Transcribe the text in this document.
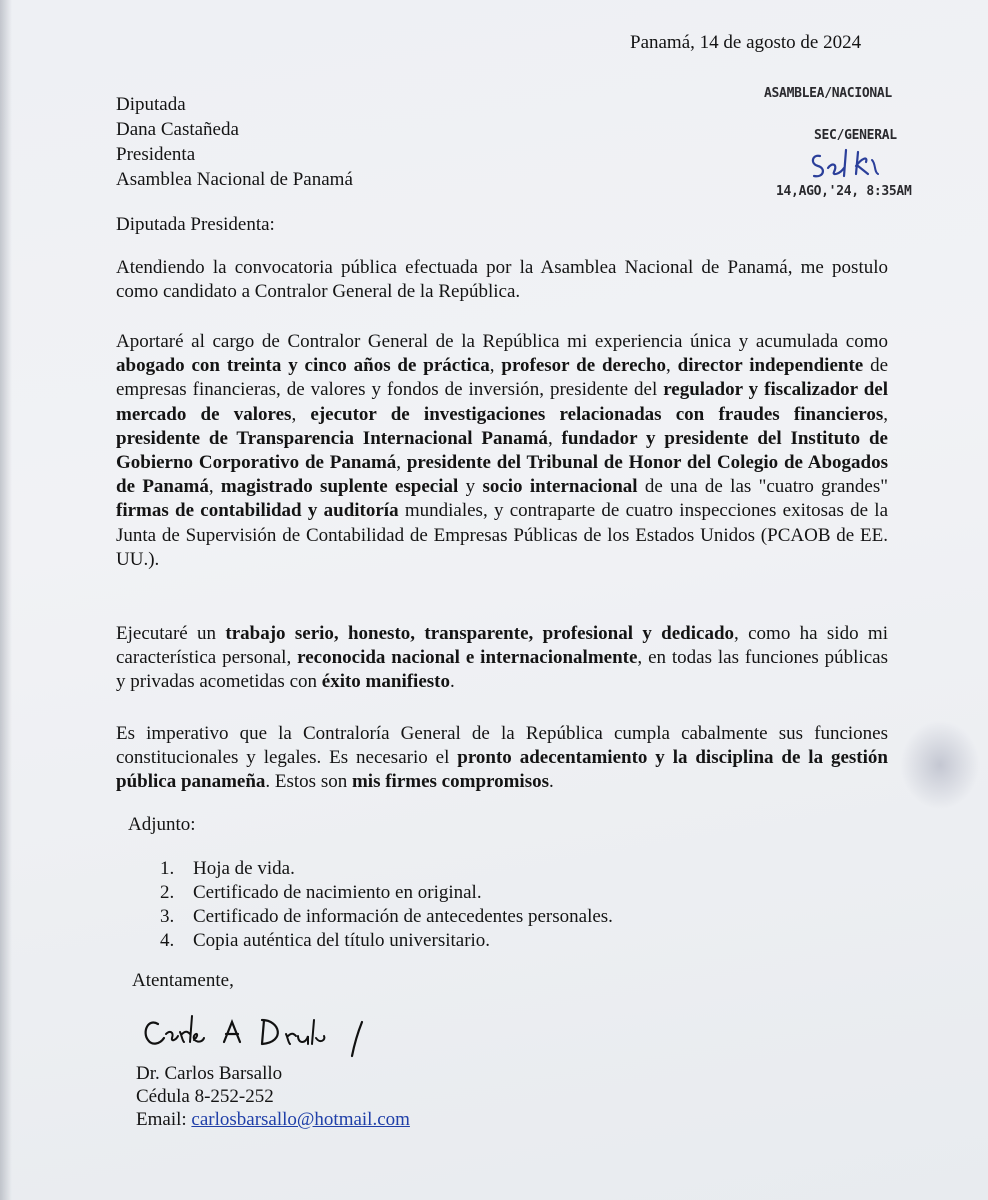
Panamá, 14 de agosto de 2024
Diputada
Dana Castañeda
Presidenta
Asamblea Nacional de Panamá
ASAMBLEA/NACIONAL
SEC/GENERAL
14,AGO,'24, 8:35AM
Diputada Presidenta:
Atendiendo la convocatoria pública efectuada por la Asamblea Nacional de Panamá, me postulo como candidato a Contralor General de la República.
Aportaré al cargo de Contralor General de la República mi experiencia única y acumulada como abogado con treinta y cinco años de práctica, profesor de derecho, director independiente de empresas financieras, de valores y fondos de inversión, presidente del regulador y fiscalizador del mercado de valores, ejecutor de investigaciones relacionadas con fraudes financieros, presidente de Transparencia Internacional Panamá, fundador y presidente del Instituto de Gobierno Corporativo de Panamá, presidente del Tribunal de Honor del Colegio de Abogados de Panamá, magistrado suplente especial y socio internacional de una de las "cuatro grandes" firmas de contabilidad y auditoría mundiales, y contraparte de cuatro inspecciones exitosas de la Junta de Supervisión de Contabilidad de Empresas Públicas de los Estados Unidos (PCAOB de EE. UU.).
Ejecutaré un trabajo serio, honesto, transparente, profesional y dedicado, como ha sido mi característica personal, reconocida nacional e internacionalmente, en todas las funciones públicas y privadas acometidas con éxito manifiesto.
Es imperativo que la Contraloría General de la República cumpla cabalmente sus funciones constitucionales y legales. Es necesario el pronto adecentamiento y la disciplina de la gestión pública panameña. Estos son mis firmes compromisos.
Adjunto:
1. Hoja de vida.
2. Certificado de nacimiento en original.
3. Certificado de información de antecedentes personales.
4. Copia auténtica del título universitario.
Atentamente,
Dr. Carlos Barsallo
Cédula 8-252-252
Email: carlosbarsallo@hotmail.com
